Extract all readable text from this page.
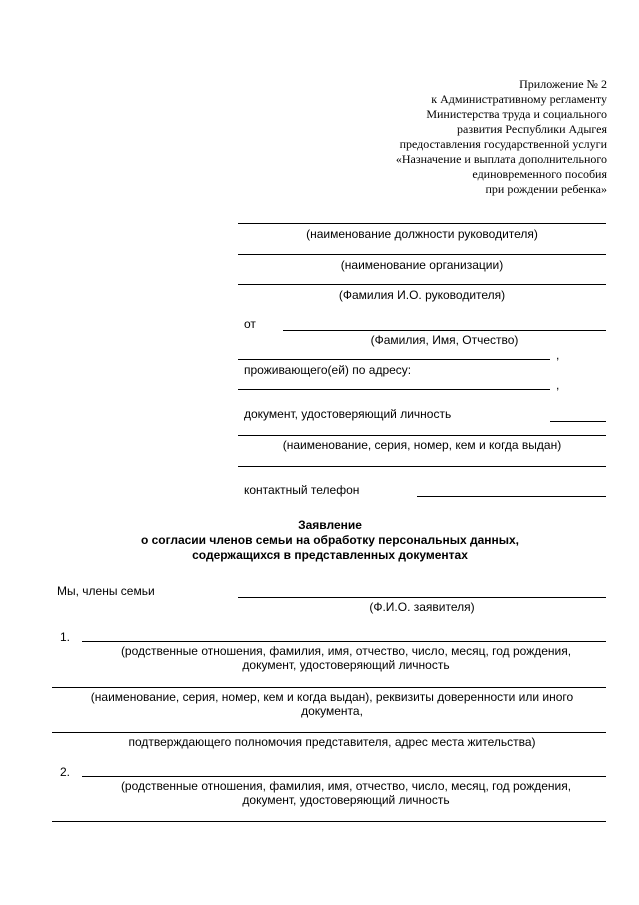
Приложение № 2
к Административному регламенту
Министерства труда и социального
развития Республики Адыгея
предоставления государственной услуги
«Назначение и выплата дополнительного
единовременного пособия
при рождении ребенка»
(наименование должности руководителя)
(наименование организации)
(Фамилия И.О. руководителя)
от
(Фамилия, Имя, Отчество)
,
проживающего(ей) по адресу:
,
документ, удостоверяющий личность
(наименование, серия, номер, кем и когда выдан)
контактный телефон
Заявление
о согласии членов семьи на обработку персональных данных,
содержащихся в представленных документах
Мы, члены семьи
(Ф.И.О. заявителя)
1.
(родственные отношения, фамилия, имя, отчество, число, месяц, год рождения,
документ, удостоверяющий личность
(наименование, серия, номер, кем и когда выдан), реквизиты доверенности или иного
документа,
подтверждающего полномочия представителя, адрес места жительства)
2.
(родственные отношения, фамилия, имя, отчество, число, месяц, год рождения,
документ, удостоверяющий личность
